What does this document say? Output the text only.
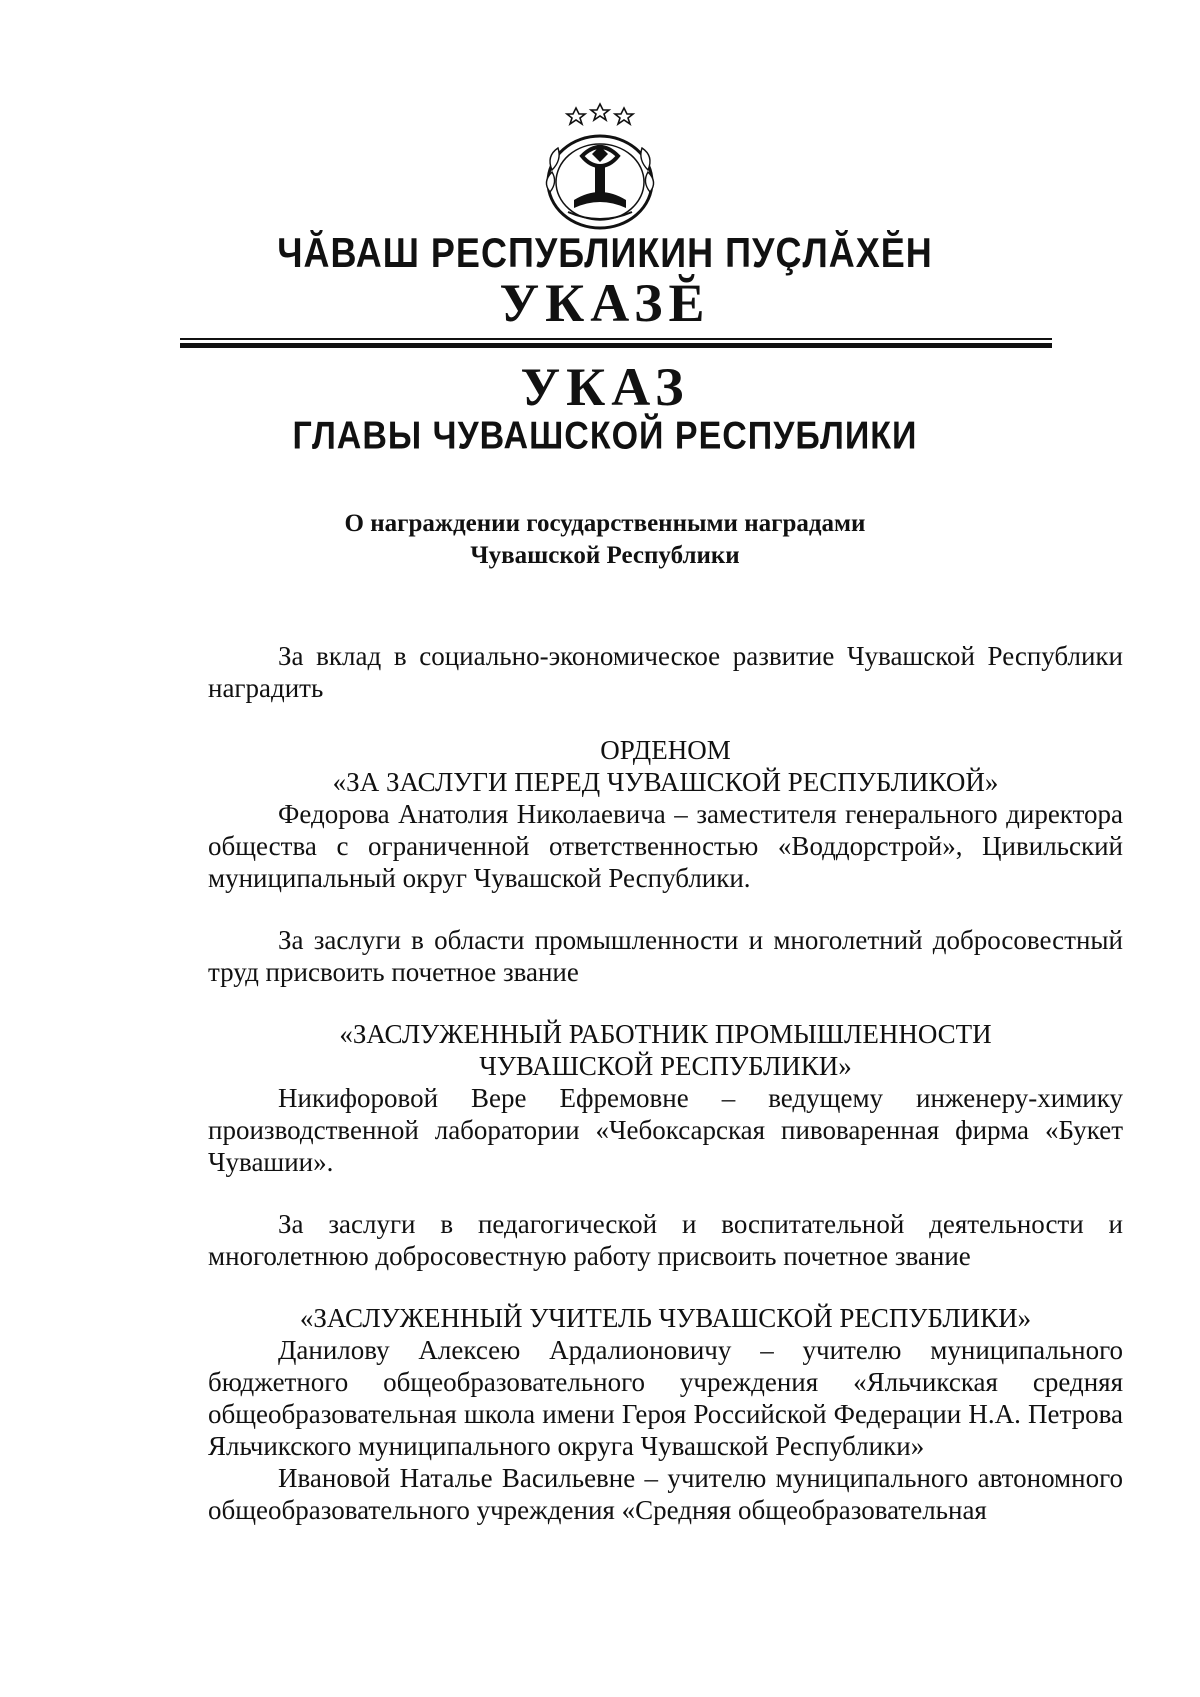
ЧĂВАШ РЕСПУБЛИКИН ПУÇЛĂХĔН
УКАЗĔ
УКАЗ
ГЛАВЫ ЧУВАШСКОЙ РЕСПУБЛИКИ
О награждении государственными наградами
Чувашской Республики

За вклад в социально-экономическое развитие Чувашской Республики наградить

ОРДЕНОМ

«ЗА ЗАСЛУГИ ПЕРЕД ЧУВАШСКОЙ РЕСПУБЛИКОЙ»

Федорова Анатолия Николаевича – заместителя генерального директора общества с ограниченной ответственностью «Воддорстрой», Цивильский муниципальный округ Чувашской Республики.

За заслуги в области промышленности и многолетний добросовестный труд присвоить почетное звание

«ЗАСЛУЖЕННЫЙ РАБОТНИК ПРОМЫШЛЕННОСТИ

ЧУВАШСКОЙ РЕСПУБЛИКИ»

Никифоровой Вере Ефремовне – ведущему инженеру-химику производственной лаборатории «Чебоксарская пивоваренная фирма «Букет Чувашии».

За заслуги в педагогической и воспитательной деятельности и многолетнюю добросовестную работу присвоить почетное звание

«ЗАСЛУЖЕННЫЙ УЧИТЕЛЬ ЧУВАШСКОЙ РЕСПУБЛИКИ»

Данилову Алексею Ардалионовичу – учителю муниципального бюджетного общеобразовательного учреждения «Яльчикская средняя общеобразовательная школа имени Героя Российской Федерации Н.А. Петрова Яльчикского муниципального округа Чувашской Республики»

Ивановой Наталье Васильевне – учителю муниципального автономного общеобразовательного учреждения «Средняя общеобразовательная
